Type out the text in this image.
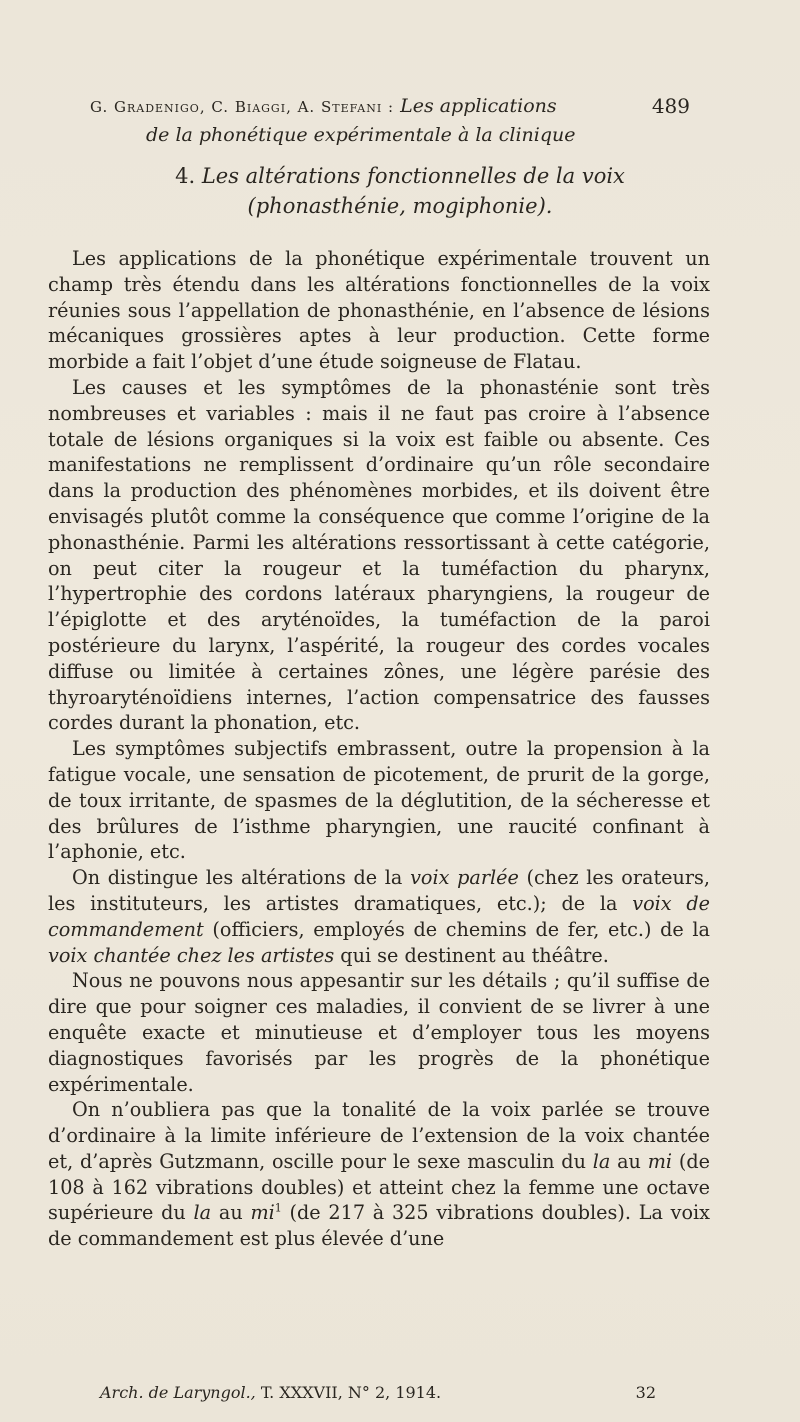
G. Gradenigo, C. Biaggi, A. Stefani : Les applications	489
de la phonétique expérimentale à la clinique
4. Les altérations fonctionnelles de la voix
(phonasthénie, mogiphonie).

Les applications de la phonétique expérimentale trouvent un champ très étendu dans les altérations fonctionnelles de la voix réunies sous l’appellation de phonasthénie, en l’absence de lésions mécaniques grossières aptes à leur production. Cette forme morbide a fait l’objet d’une étude soigneuse de Flatau.

Les causes et les symptômes de la phonasténie sont très nombreuses et variables : mais il ne faut pas croire à l’absence totale de lésions organiques si la voix est faible ou absente. Ces manifestations ne remplissent d’ordinaire qu’un rôle secondaire dans la production des phénomènes morbides, et ils doivent être envisagés plutôt comme la conséquence que comme l’origine de la phonasthénie. Parmi les altérations ressortissant à cette catégorie, on peut citer la rougeur et la tuméfaction du pharynx, l’hypertrophie des cordons latéraux pharyngiens, la rougeur de l’épiglotte et des aryténoïdes, la tuméfaction de la paroi postérieure du larynx, l’aspérité, la rougeur des cordes vocales diffuse ou limitée à certaines zônes, une légère parésie des thyroaryténoïdiens internes, l’action compensatrice des fausses cordes durant la phonation, etc.

Les symptômes subjectifs embrassent, outre la propension à la fatigue vocale, une sensation de picotement, de prurit de la gorge, de toux irritante, de spasmes de la déglutition, de la sécheresse et des brûlures de l’isthme pharyngien, une raucité confinant à l’aphonie, etc.

On distingue les altérations de la voix parlée (chez les orateurs, les instituteurs, les artistes dramatiques, etc.); de la voix de commandement (officiers, employés de chemins de fer, etc.) de la voix chantée chez les artistes qui se destinent au théâtre.

Nous ne pouvons nous appesantir sur les détails ; qu’il suffise de dire que pour soigner ces maladies, il convient de se livrer à une enquête exacte et minutieuse et d’employer tous les moyens diagnostiques favorisés par les progrès de la phonétique expérimentale.

On n’oubliera pas que la tonalité de la voix parlée se trouve d’ordinaire à la limite inférieure de l’extension de la voix chantée et, d’après Gutzmann, oscille pour le sexe masculin du la au mi (de 108 à 162 vibrations doubles) et atteint chez la femme une octave supérieure du la au $mi^1$ (de 217 à 325 vibrations doubles). La voix de commandement est plus élevée d’une

Arch. de Laryngol., T. XXXVII, N° 2, 1914.	32
